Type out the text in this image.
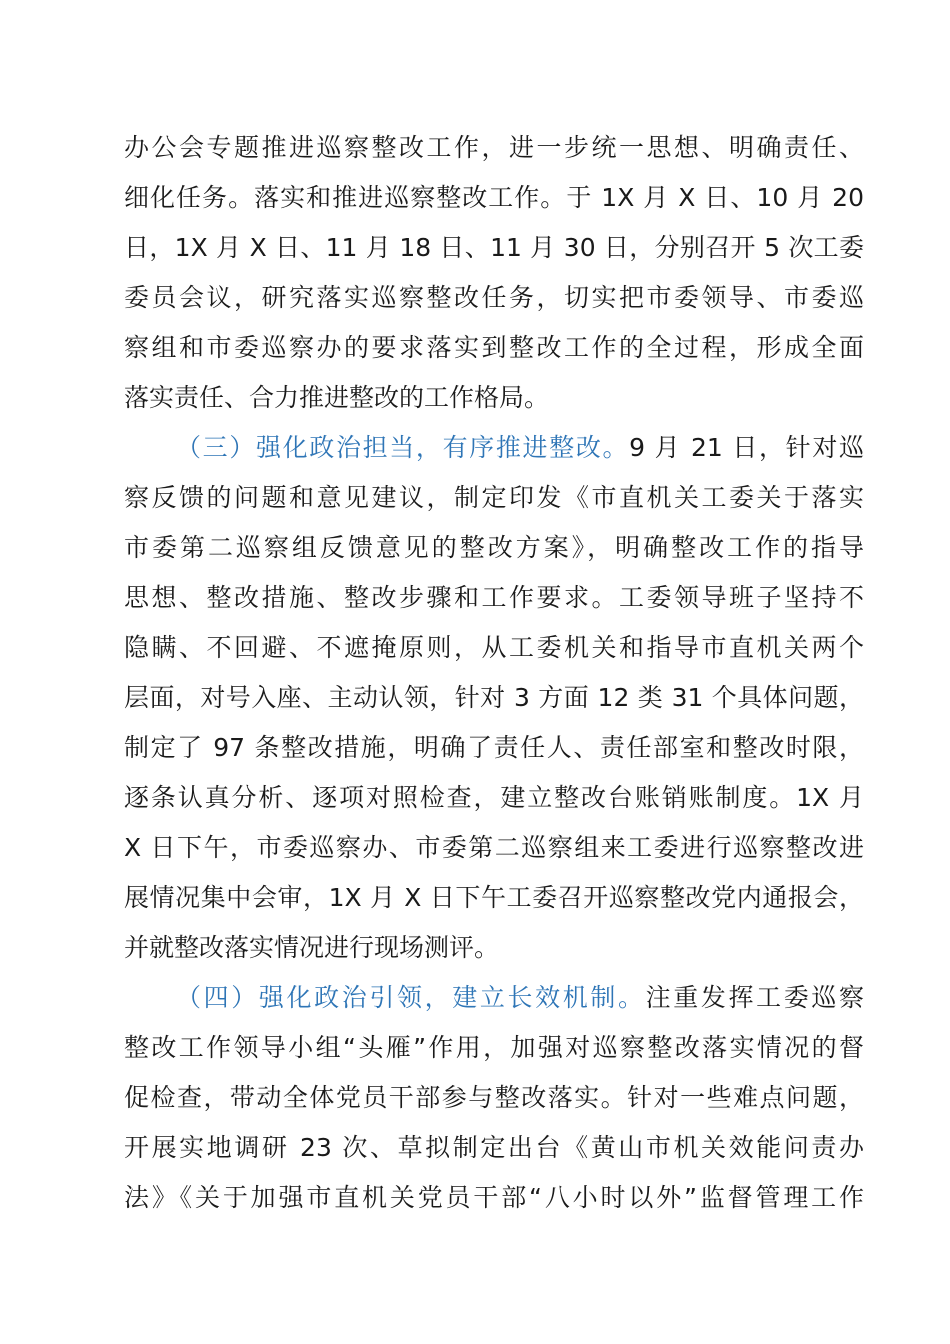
办公会专题推进巡察整改工作，进一步统一思想、明确责任、
细化任务。落实和推进巡察整改工作。于 1X 月 X 日、10 月 20
日，1X 月 X 日、11 月 18 日、11 月 30 日，分别召开 5 次工委
委员会议，研究落实巡察整改任务，切实把市委领导、市委巡
察组和市委巡察办的要求落实到整改工作的全过程，形成全面
落实责任、合力推进整改的工作格局。
（三）强化政治担当，有序推进整改。9 月 21 日，针对巡
察反馈的问题和意见建议，制定印发《市直机关工委关于落实
市委第二巡察组反馈意见的整改方案》，明确整改工作的指导
思想、整改措施、整改步骤和工作要求。工委领导班子坚持不
隐瞒、不回避、不遮掩原则，从工委机关和指导市直机关两个
层面，对号入座、主动认领，针对 3 方面 12 类 31 个具体问题，
制定了 97 条整改措施，明确了责任人、责任部室和整改时限，
逐条认真分析、逐项对照检查，建立整改台账销账制度。1X 月
X 日下午，市委巡察办、市委第二巡察组来工委进行巡察整改进
展情况集中会审，1X 月 X 日下午工委召开巡察整改党内通报会，
并就整改落实情况进行现场测评。
（四）强化政治引领，建立长效机制。注重发挥工委巡察
整改工作领导小组“头雁”作用，加强对巡察整改落实情况的督
促检查，带动全体党员干部参与整改落实。针对一些难点问题，
开展实地调研 23 次、草拟制定出台《黄山市机关效能问责办
法》《关于加强市直机关党员干部“八小时以外”监督管理工作
